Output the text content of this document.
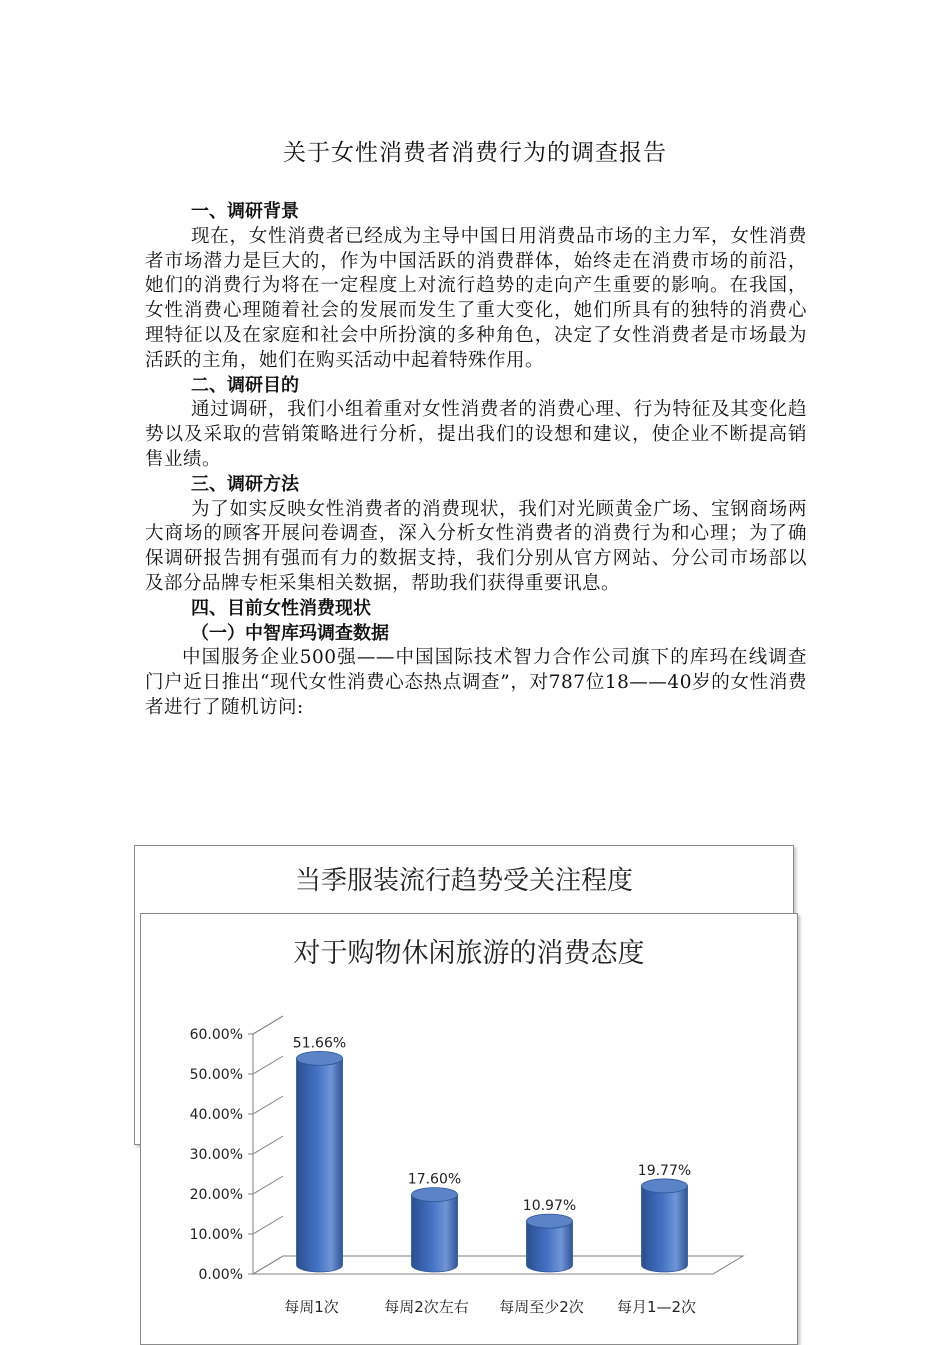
关于女性消费者消费行为的调查报告
一、调研背景
现在，女性消费者已经成为主导中国日用消费品市场的主力军，女性消费者市场潜力是巨大的，作为中国活跃的消费群体，始终走在消费市场的前沿，她们的消费行为将在一定程度上对流行趋势的走向产生重要的影响。在我国，女性消费心理随着社会的发展而发生了重大变化，她们所具有的独特的消费心理特征以及在家庭和社会中所扮演的多种角色，决定了女性消费者是市场最为活跃的主角，她们在购买活动中起着特殊作用。
二、调研目的
通过调研，我们小组着重对女性消费者的消费心理、行为特征及其变化趋势以及采取的营销策略进行分析，提出我们的设想和建议，使企业不断提高销售业绩。
三、调研方法
为了如实反映女性消费者的消费现状，我们对光顾黄金广场、宝钢商场两大商场的顾客开展问卷调查，深入分析女性消费者的消费行为和心理；为了确保调研报告拥有强而有力的数据支持，我们分别从官方网站、分公司市场部以及部分品牌专柜采集相关数据，帮助我们获得重要讯息。
四、目前女性消费现状
（一）中智库玛调查数据
中国服务企业500强——中国国际技术智力合作公司旗下的库玛在线调查门户近日推出“现代女性消费心态热点调查”，对787位18——40岁的女性消费者进行了随机访问:
当季服装流行趋势受关注程度
对于购物休闲旅游的消费态度
0.00%
10.00%
20.00%
30.00%
40.00%
50.00%
60.00%
51.66%
17.60%
10.97%
19.77%
每周1次	每周2次左右 每周至少2次 每月1—2次
